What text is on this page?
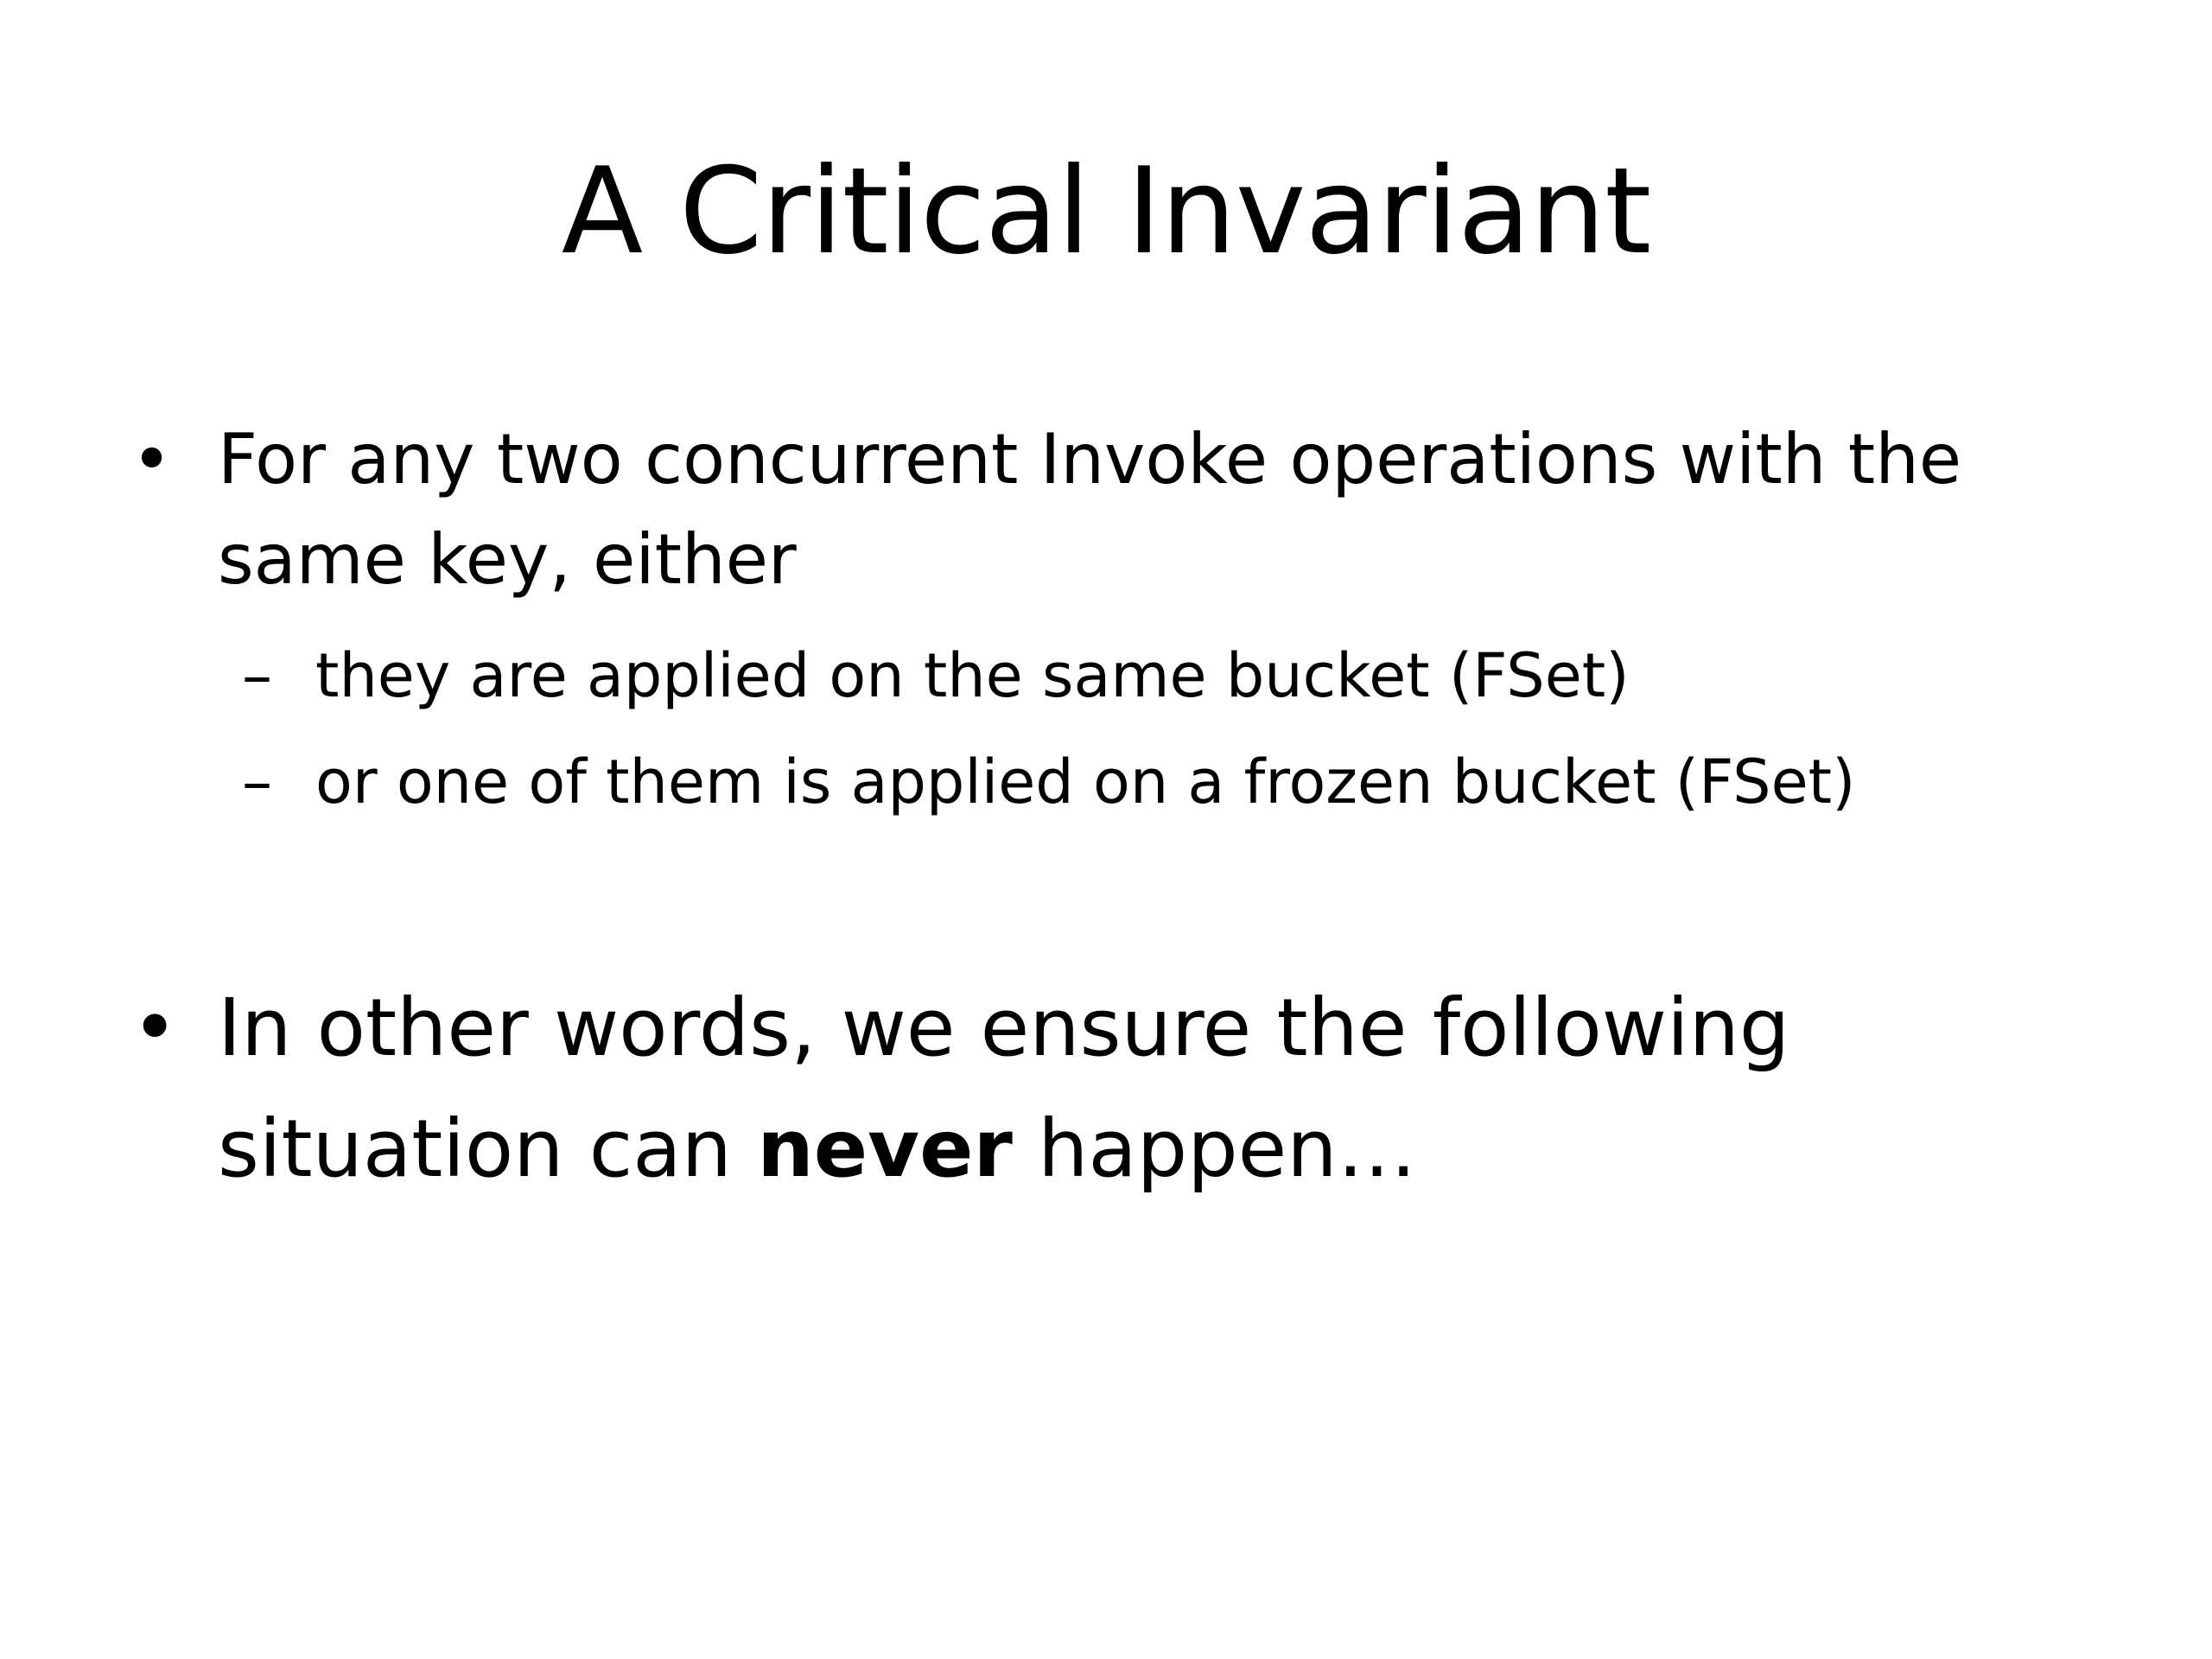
A Critical Invariant
• For any two concurrent Invoke operations with the
same key, either
– they are applied on the same bucket (FSet)
– or one of them is applied on a frozen bucket (FSet)
• In other words, we ensure the following
situation can never happen…
